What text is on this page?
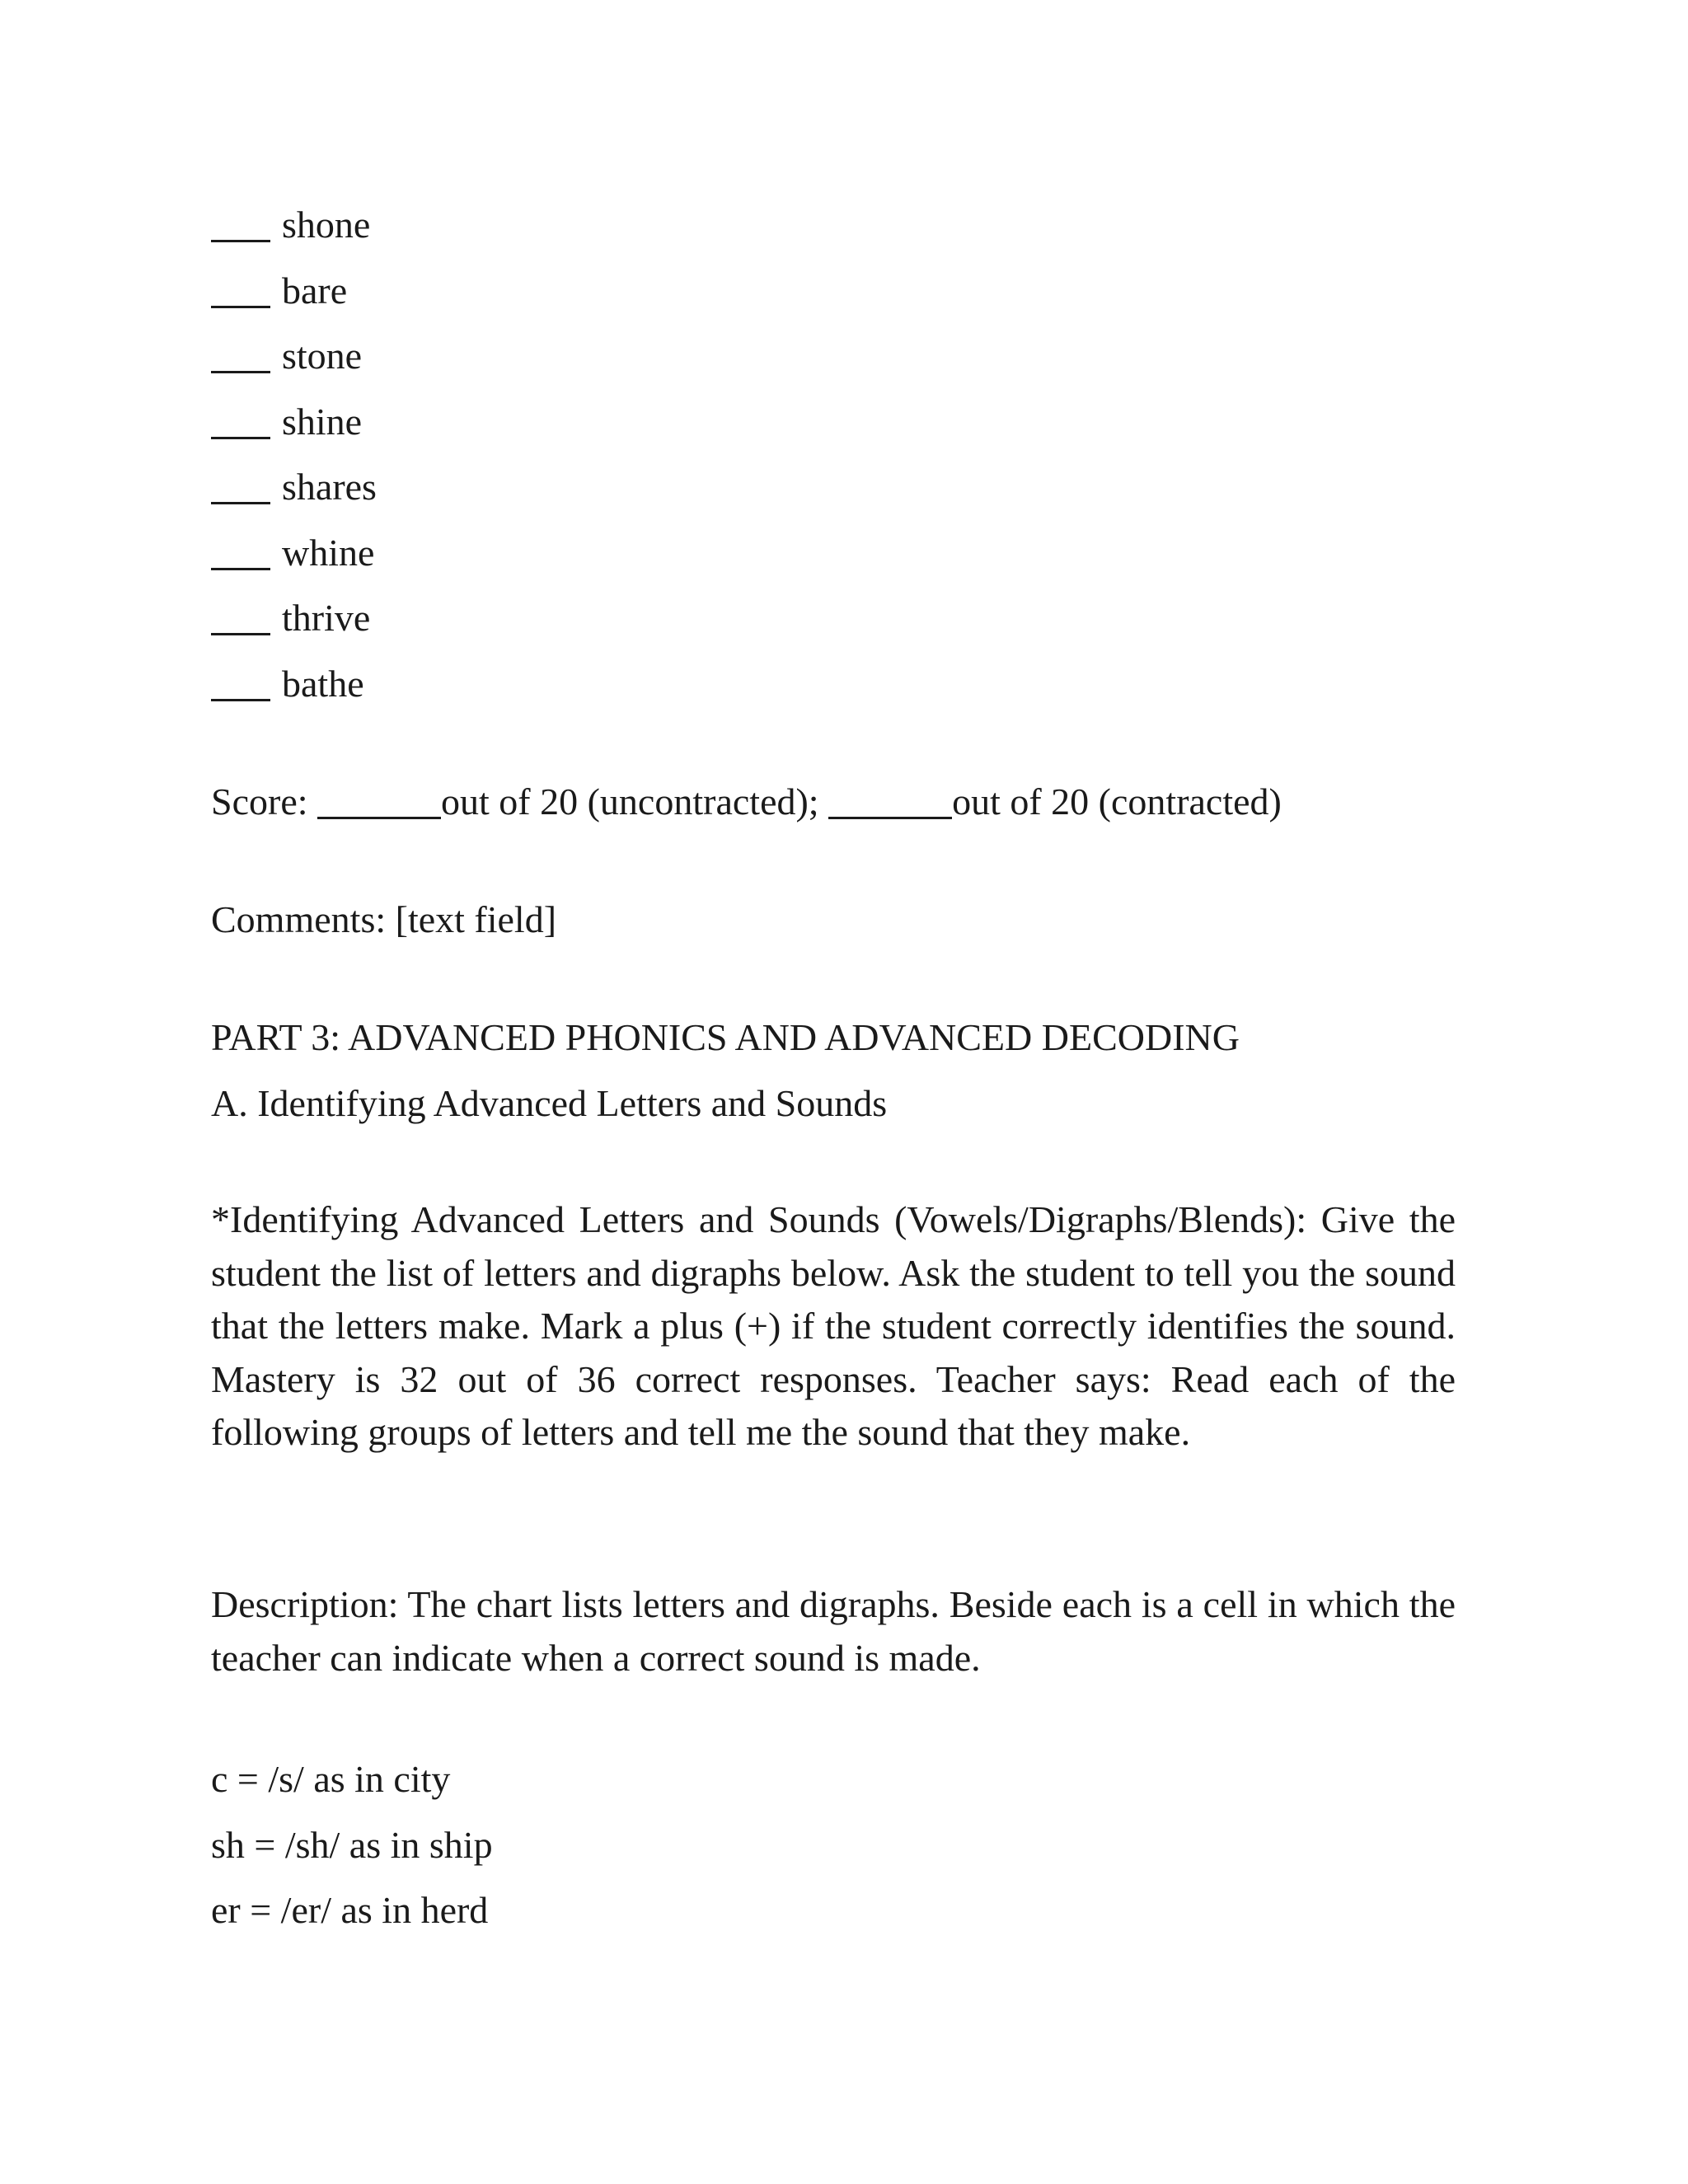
shone
bare
stone
shine
shares
whine
thrive
bathe
Score:	out of 20 (uncontracted);	out of 20 (contracted)
Comments: [text field]
PART 3: ADVANCED PHONICS AND ADVANCED DECODING
A. Identifying Advanced Letters and Sounds

*Identifying Advanced Letters and Sounds (Vowels/Digraphs/Blends): Give the student the list of letters and digraphs below. Ask the student to tell you the sound that the letters make. Mark a plus (+) if the student correctly identifies the sound. Mastery is 32 out of 36 correct responses. Teacher says: Read each of the following groups of letters and tell me the sound that they make.

Description: The chart lists letters and digraphs. Beside each is a cell in which the teacher can indicate when a correct sound is made.

c = /s/ as in city
sh = /sh/ as in ship
er = /er/ as in herd
